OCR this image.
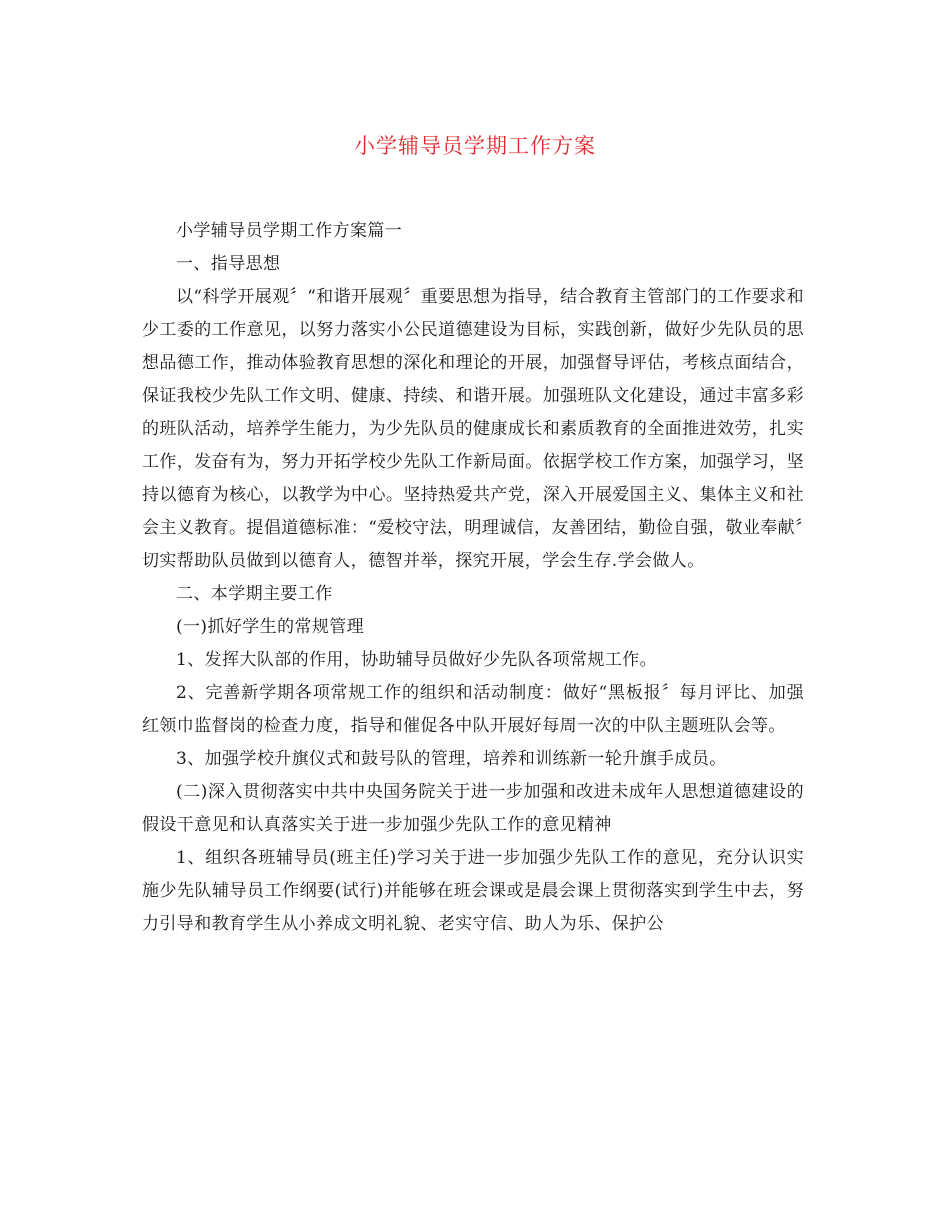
小学辅导员学期工作方案

小学辅导员学期工作方案篇一

一、指导思想

以“科学开展观〞“和谐开展观〞重要思想为指导，结合教育主管部门的工作要求和少工委的工作意见，以努力落实小公民道德建设为目标，实践创新，做好少先队员的思想品德工作，推动体验教育思想的深化和理论的开展，加强督导评估，考核点面结合，保证我校少先队工作文明、健康、持续、和谐开展。加强班队文化建设，通过丰富多彩的班队活动，培养学生能力，为少先队员的健康成长和素质教育的全面推进效劳，扎实工作，发奋有为，努力开拓学校少先队工作新局面。依据学校工作方案，加强学习，坚持以德育为核心，以教学为中心。坚持热爱共产党，深入开展爱国主义、集体主义和社会主义教育。提倡道德标准：“爱校守法，明理诚信，友善团结，勤俭自强，敬业奉献〞切实帮助队员做到以德育人，德智并举，探究开展，学会生存.学会做人。

二、本学期主要工作

(一)抓好学生的常规管理

1、发挥大队部的作用，协助辅导员做好少先队各项常规工作。

2、完善新学期各项常规工作的组织和活动制度：做好“黑板报〞每月评比、加强红领巾监督岗的检查力度，指导和催促各中队开展好每周一次的中队主题班队会等。

3、加强学校升旗仪式和鼓号队的管理，培养和训练新一轮升旗手成员。

(二)深入贯彻落实中共中央国务院关于进一步加强和改进未成年人思想道德建设的假设干意见和认真落实关于进一步加强少先队工作的意见精神

1、组织各班辅导员(班主任)学习关于进一步加强少先队工作的意见，充分认识实施少先队辅导员工作纲要(试行)并能够在班会课或是晨会课上贯彻落实到学生中去，努力引导和教育学生从小养成文明礼貌、老实守信、助人为乐、保护公
